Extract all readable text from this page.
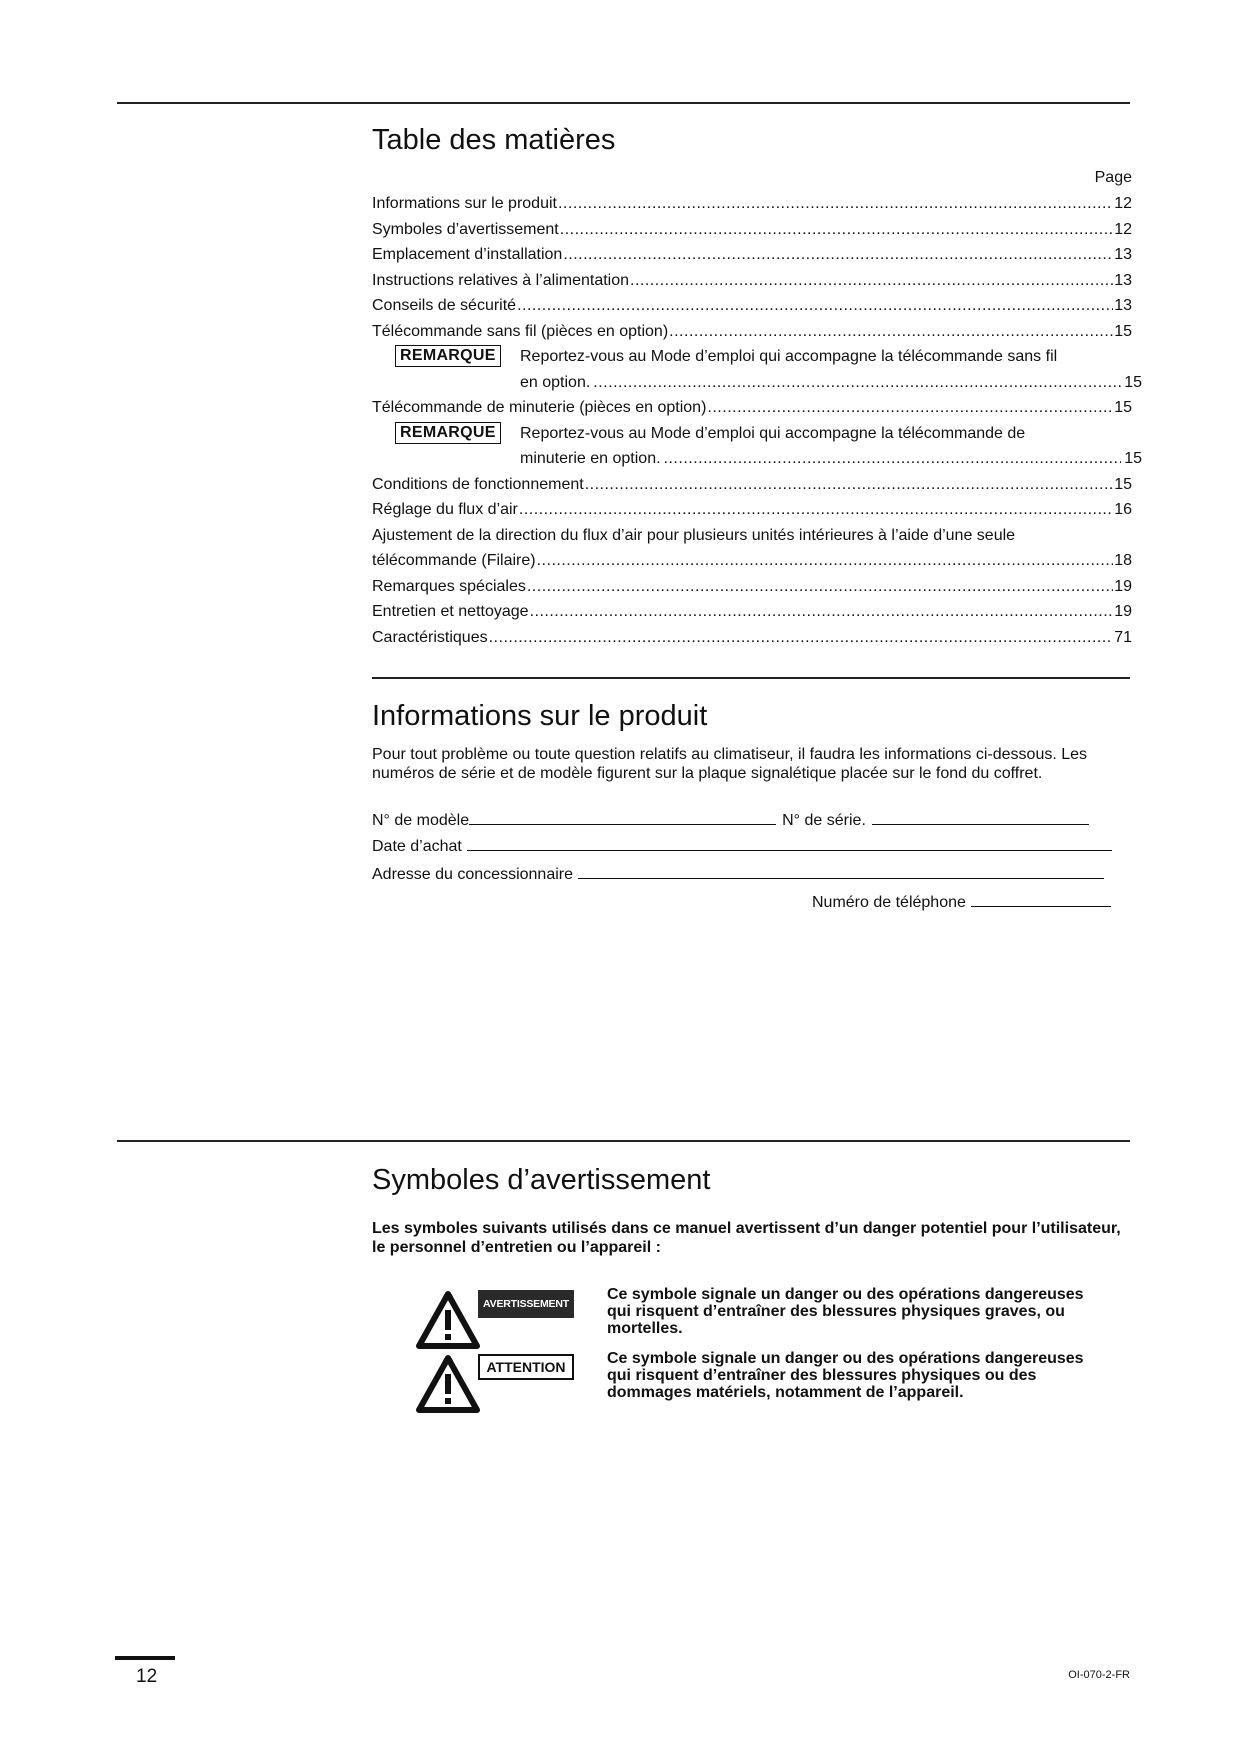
Table des matières
Page
Informations sur le produit .....	12
Symboles d’avertissement .....	12
Emplacement d’installation .....	13
Instructions relatives à l’alimentation .....	13
Conseils de sécurité .....	13
Télécommande sans fil (pièces en option) .....	15
REMARQUE	Reportez-vous au Mode d’emploi qui accompagne la télécommande sans fil
en option. .....	15
Télécommande de minuterie (pièces en option) .....	15
REMARQUE	Reportez-vous au Mode d’emploi qui accompagne la télécommande de
minuterie en option. .....	15
Conditions de fonctionnement .....	15
Réglage du flux d’air .....	16
Ajustement de la direction du flux d’air pour plusieurs unités intérieures à l’aide d’une seule
télécommande (Filaire) .....	18
Remarques spéciales .....	19
Entretien et nettoyage .....	19
Caractéristiques .....	71
Informations sur le produit
Pour tout problème ou toute question relatifs au climatiseur, il faudra les informations ci-dessous. Les numéros de série et de modèle figurent sur la plaque signalétique placée sur le fond du coffret.
N° de modèle	N° de série.
Date d’achat
Adresse du concessionnaire
Numéro de téléphone
Symboles d’avertissement
Les symboles suivants utilisés dans ce manuel avertissent d’un danger potentiel pour l’utilisateur, le personnel d’entretien ou l’appareil :
AVERTISSEMENT
Ce symbole signale un danger ou des opérations dangereuses qui risquent d’entraîner des blessures physiques graves, ou mortelles.
ATTENTION	Ce symbole signale un danger ou des opérations dangereuses qui risquent d’entraîner des blessures physiques ou des dommages matériels, notamment de l’appareil.
12	OI-070-2-FR
